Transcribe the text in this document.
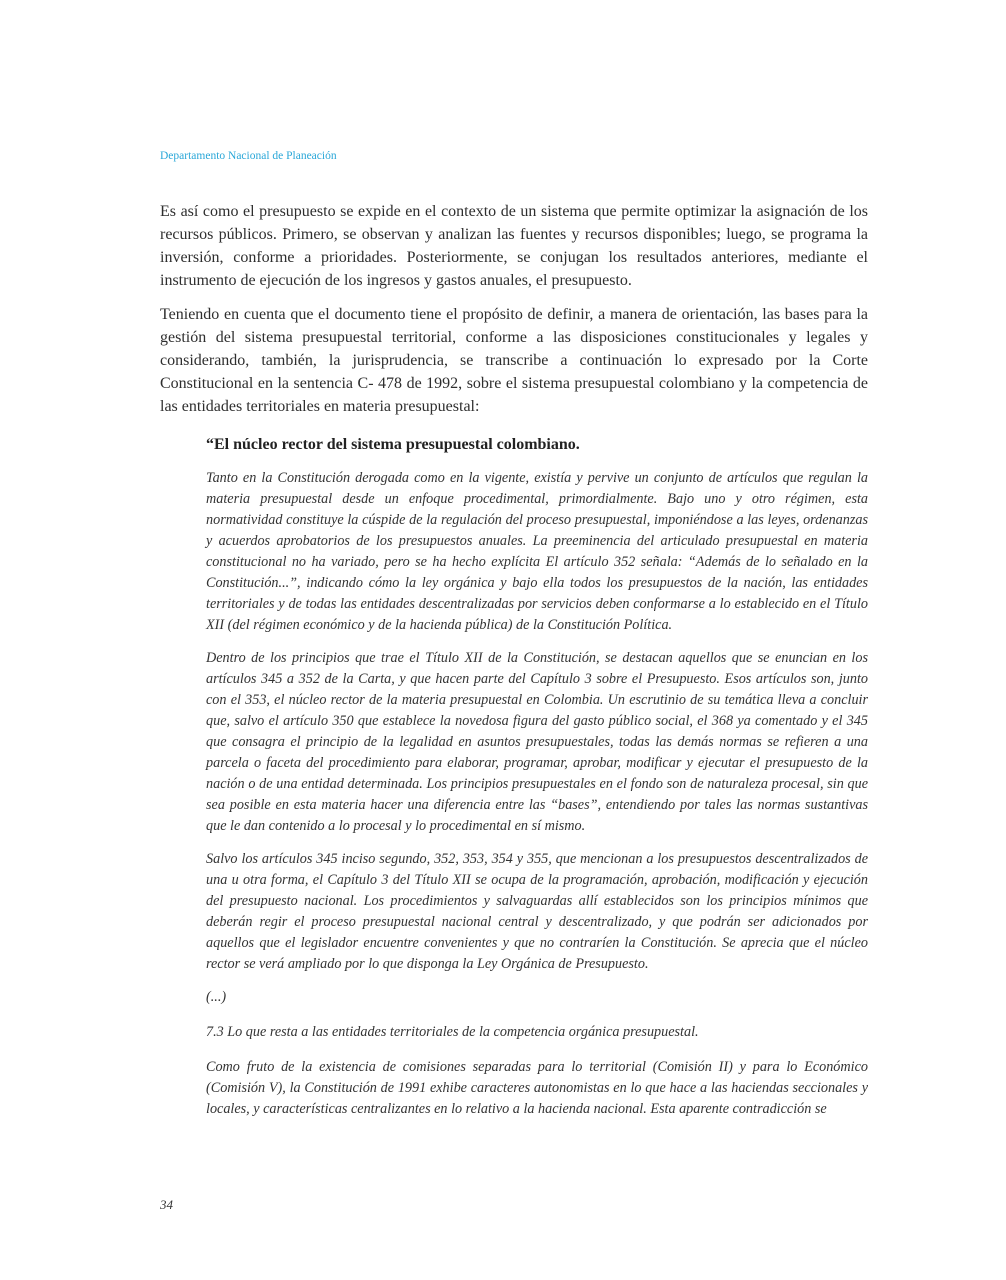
Departamento Nacional de Planeación

Es así como el presupuesto se expide en el contexto de un sistema que permite optimizar la asignación de los recursos públicos. Primero, se observan y analizan las fuentes y recursos disponibles; luego, se programa la inversión, conforme a prioridades. Posteriormente, se conjugan los resultados anteriores, mediante el instrumento de ejecución de los ingresos y gastos anuales, el presupuesto.

Teniendo en cuenta que el documento tiene el propósito de definir, a manera de orientación, las bases para la gestión del sistema presupuestal territorial, conforme a las disposiciones constitucionales y legales y considerando, también, la jurisprudencia, se transcribe a continuación lo expresado por la Corte Constitucional en la sentencia C- 478 de 1992, sobre el sistema presupuestal colombiano y la competencia de las entidades territoriales en materia presupuestal:

“El núcleo rector del sistema presupuestal colombiano.

Tanto en la Constitución derogada como en la vigente, existía y pervive un conjunto de artículos que regulan la materia presupuestal desde un enfoque procedimental, primordialmente. Bajo uno y otro régimen, esta normatividad constituye la cúspide de la regulación del proceso presupuestal, imponiéndose a las leyes, ordenanzas y acuerdos aprobatorios de los presupuestos anuales. La preeminencia del articulado presupuestal en materia constitucional no ha variado, pero se ha hecho explícita El artículo 352 señala: “Además de lo señalado en la Constitución...”, indicando cómo la ley orgánica y bajo ella todos los presupuestos de la nación, las entidades territoriales y de todas las entidades descentralizadas por servicios deben conformarse a lo establecido en el Título XII (del régimen económico y de la hacienda pública) de la Constitución Política.

Dentro de los principios que trae el Título XII de la Constitución, se destacan aquellos que se enuncian en los artículos 345 a 352 de la Carta, y que hacen parte del Capítulo 3 sobre el Presupuesto. Esos artículos son, junto con el 353, el núcleo rector de la materia presupuestal en Colombia. Un escrutinio de su temática lleva a concluir que, salvo el artículo 350 que establece la novedosa figura del gasto público social, el 368 ya comentado y el 345 que consagra el principio de la legalidad en asuntos presupuestales, todas las demás normas se refieren a una parcela o faceta del procedimiento para elaborar, programar, aprobar, modificar y ejecutar el presupuesto de la nación o de una entidad determinada. Los principios presupuestales en el fondo son de naturaleza procesal, sin que sea posible en esta materia hacer una diferencia entre las “bases”, entendiendo por tales las normas sustantivas que le dan contenido a lo procesal y lo procedimental en sí mismo.

Salvo los artículos 345 inciso segundo, 352, 353, 354 y 355, que mencionan a los presupuestos descentralizados de una u otra forma, el Capítulo 3 del Título XII se ocupa de la programación, aprobación, modificación y ejecución del presupuesto nacional. Los procedimientos y salvaguardas allí establecidos son los principios mínimos que deberán regir el proceso presupuestal nacional central y descentralizado, y que podrán ser adicionados por aquellos que el legislador encuentre convenientes y que no contraríen la Constitución. Se aprecia que el núcleo rector se verá ampliado por lo que disponga la Ley Orgánica de Presupuesto.

(...)

7.3 Lo que resta a las entidades territoriales de la competencia orgánica presupuestal.

Como fruto de la existencia de comisiones separadas para lo territorial (Comisión II) y para lo Económico (Comisión V), la Constitución de 1991 exhibe caracteres autonomistas en lo que hace a las haciendas seccionales y locales, y características centralizantes en lo relativo a la hacienda nacional. Esta aparente contradicción se

34
